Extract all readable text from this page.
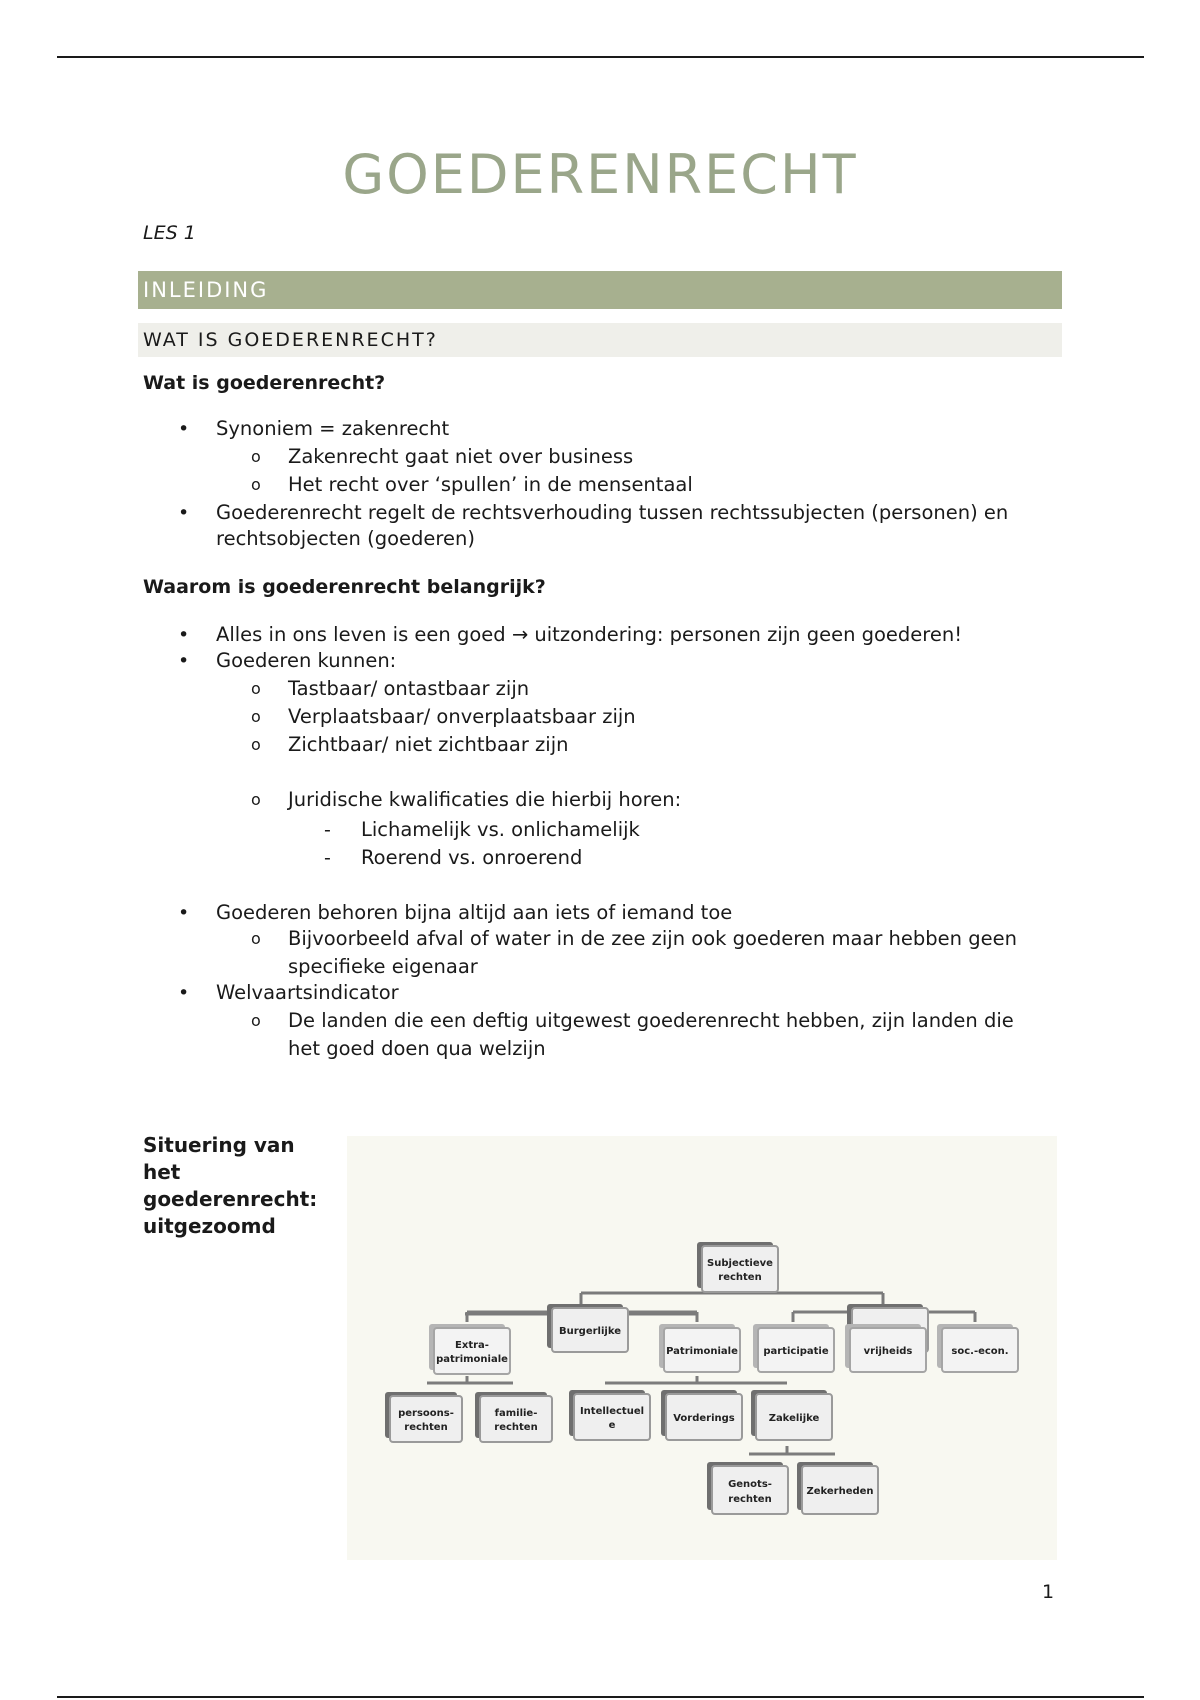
GOEDERENRECHT
LES 1
INLEIDING
WAT IS GOEDERENRECHT?
Wat is goederenrecht?
• Synoniem = zakenrecht
o Zakenrecht gaat niet over business
o Het recht over ‘spullen’ in de mensentaal
• Goederenrecht regelt de rechtsverhouding tussen rechtssubjecten (personen) en
rechtsobjecten (goederen)
Waarom is goederenrecht belangrijk?
• Alles in ons leven is een goed → uitzondering: personen zijn geen goederen!
• Goederen kunnen:
o Tastbaar/ ontastbaar zijn
o Verplaatsbaar/ onverplaatsbaar zijn
o Zichtbaar/ niet zichtbaar zijn
o Juridische kwalificaties die hierbij horen:
- Lichamelijk vs. onlichamelijk
- Roerend vs. onroerend
• Goederen behoren bijna altijd aan iets of iemand toe
o Bijvoorbeeld afval of water in de zee zijn ook goederen maar hebben geen
specifieke eigenaar
• Welvaartsindicator
o De landen die een deftig uitgewest goederenrecht hebben, zijn landen die
het goed doen qua welzijn
Situering van
het
goederenrecht:
uitgezoomd
Subjectieve
rechten
Burgerlijke
Extra-
patrimoniale
Patrimoniale	participatie	vrijheids	soc.-econ.
persoons-
rechten
familie-
rechten
Intellectuel
e
Vorderings	Zakelijke
Genots-
rechten
Zekerheden
1
